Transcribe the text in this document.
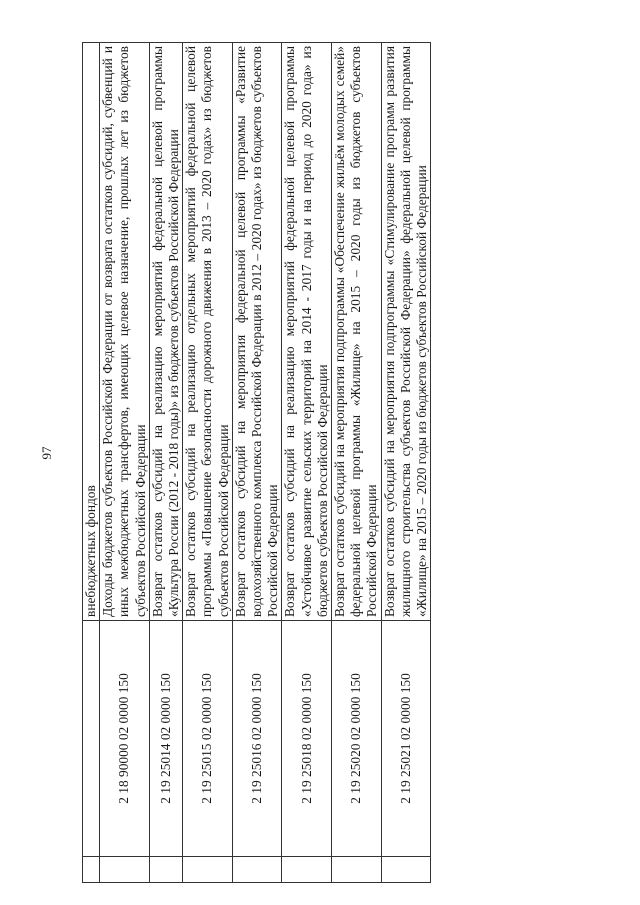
97
		внебюджетных фондов
	2 18 90000 02 0000 150	Доходы бюджетов субъектов Российской Федерации от возврата остатков субсидий, субвенций и иных межбюджетных трансфертов, имеющих целевое назначение, прошлых лет из бюджетов субъектов Российской Федерации
	2 19 25014 02 0000 150	Возврат остатков субсидий на реализацию мероприятий федеральной целевой программы «Культура России (2012 - 2018 годы)» из бюджетов субъектов Российской Федерации
	2 19 25015 02 0000 150	Возврат остатков субсидий на реализацию отдельных мероприятий федеральной целевой программы «Повышение безопасности дорожного движения в 2013 – 2020 годах» из бюджетов субъектов Российской Федерации
	2 19 25016 02 0000 150	Возврат остатков субсидий на мероприятия федеральной целевой программы «Развитие водохозяйственного комплекса Российской Федерации в 2012 – 2020 годах» из бюджетов субъектов Российской Федерации
	2 19 25018 02 0000 150	Возврат остатков субсидий на реализацию мероприятий федеральной целевой программы «Устойчивое развитие сельских территорий на 2014 - 2017 годы и на период до 2020 года» из бюджетов субъектов Российской Федерации
	2 19 25020 02 0000 150	Возврат остатков субсидий на мероприятия подпрограммы «Обеспечение жильём молодых семей» федеральной целевой программы «Жилище» на 2015 – 2020 годы из бюджетов субъектов Российской Федерации
	2 19 25021 02 0000 150	Возврат остатков субсидий на мероприятия подпрограммы «Стимулирование программ развития жилищного строительства субъектов Российской Федерации» федеральной целевой программы «Жилище» на 2015 – 2020 годы из бюджетов субъектов Российской Федерации
